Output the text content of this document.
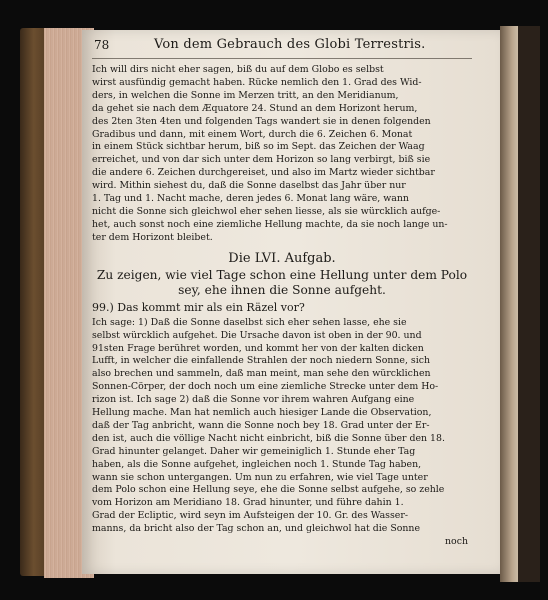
78	Von dem Gebrauch des Globi Terrestris.
Ich will dirs nicht eher sagen, biß du auf dem Globo es selbst
wirst ausfündig gemacht haben. Rücke nemlich den 1. Grad des Wid-
ders, in welchen die Sonne im Merzen tritt, an den Meridianum,
da gehet sie nach dem Æquatore 24. Stund an dem Horizont herum,
des 2ten 3ten 4ten und folgenden Tags wandert sie in denen folgenden
Gradibus und dann, mit einem Wort, durch die 6. Zeichen 6. Monat
in einem Stück sichtbar herum, biß so im Sept. das Zeichen der Waag
erreichet, und von dar sich unter dem Horizon so lang verbirgt, biß sie
die andere 6. Zeichen durchgereiset, und also im Martz wieder sichtbar
wird. Mithin siehest du, daß die Sonne daselbst das Jahr über nur
1. Tag und 1. Nacht mache, deren jedes 6. Monat lang wäre, wann
nicht die Sonne sich gleichwol eher sehen liesse, als sie würcklich aufge-
het, auch sonst noch eine ziemliche Hellung machte, da sie noch lange un-
ter dem Horizont bleibet.
Die LVI. Aufgab.
Zu zeigen, wie viel Tage schon eine Hellung unter dem Polo
sey, ehe ihnen die Sonne aufgeht.
99.) Das kommt mir als ein Räzel vor?
Ich sage: 1) Daß die Sonne daselbst sich eher sehen lasse, ehe sie
selbst würcklich aufgehet. Die Ursache davon ist oben in der 90. und
91sten Frage berühret worden, und kommt her von der kalten dicken
Lufft, in welcher die einfallende Strahlen der noch niedern Sonne, sich
also brechen und sammeln, daß man meint, man sehe den würcklichen
Sonnen-Cörper, der doch noch um eine ziemliche Strecke unter dem Ho-
rizon ist. Ich sage 2) daß die Sonne vor ihrem wahren Aufgang eine
Hellung mache. Man hat nemlich auch hiesiger Lande die Observation,
daß der Tag anbricht, wann die Sonne noch bey 18. Grad unter der Er-
den ist, auch die völlige Nacht nicht einbricht, biß die Sonne über den 18.
Grad hinunter gelanget. Daher wir gemeiniglich 1. Stunde eher Tag
haben, als die Sonne aufgehet, ingleichen noch 1. Stunde Tag haben,
wann sie schon untergangen. Um nun zu erfahren, wie viel Tage unter
dem Polo schon eine Hellung seye, ehe die Sonne selbst aufgehe, so zehle
vom Horizon am Meridiano 18. Grad hinunter, und führe dahin 1.
Grad der Ecliptic, wird seyn im Aufsteigen der 10. Gr. des Wasser-
manns, da bricht also der Tag schon an, und gleichwol hat die Sonne
noch
